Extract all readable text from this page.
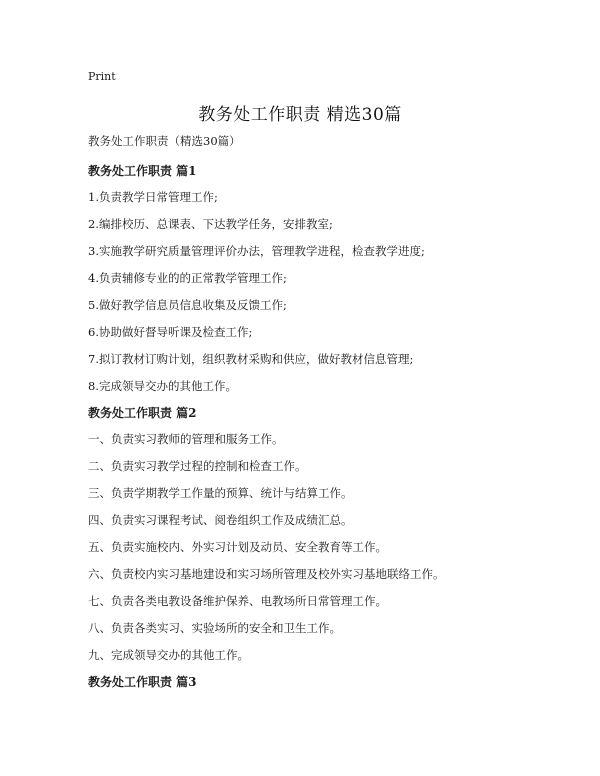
Print
教务处工作职责 精选30篇
教务处工作职责（精选30篇）
教务处工作职责 篇1
1.负责教学日常管理工作;
2.编排校历、总课表、下达教学任务，安排教室;
3.实施教学研究质量管理评价办法，管理教学进程，检查教学进度;
4.负责辅修专业的的正常教学管理工作;
5.做好教学信息员信息收集及反馈工作;
6.协助做好督导听课及检查工作;
7.拟订教材订购计划，组织教材采购和供应，做好教材信息管理;
8.完成领导交办的其他工作。
教务处工作职责 篇2
一、负责实习教师的管理和服务工作。
二、负责实习教学过程的控制和检查工作。
三、负责学期教学工作量的预算、统计与结算工作。
四、负责实习课程考试、阅卷组织工作及成绩汇总。
五、负责实施校内、外实习计划及动员、安全教育等工作。
六、负责校内实习基地建设和实习场所管理及校外实习基地联络工作。
七、负责各类电教设备维护保养、电教场所日常管理工作。
八、负责各类实习、实验场所的安全和卫生工作。
九、完成领导交办的其他工作。
教务处工作职责 篇3
